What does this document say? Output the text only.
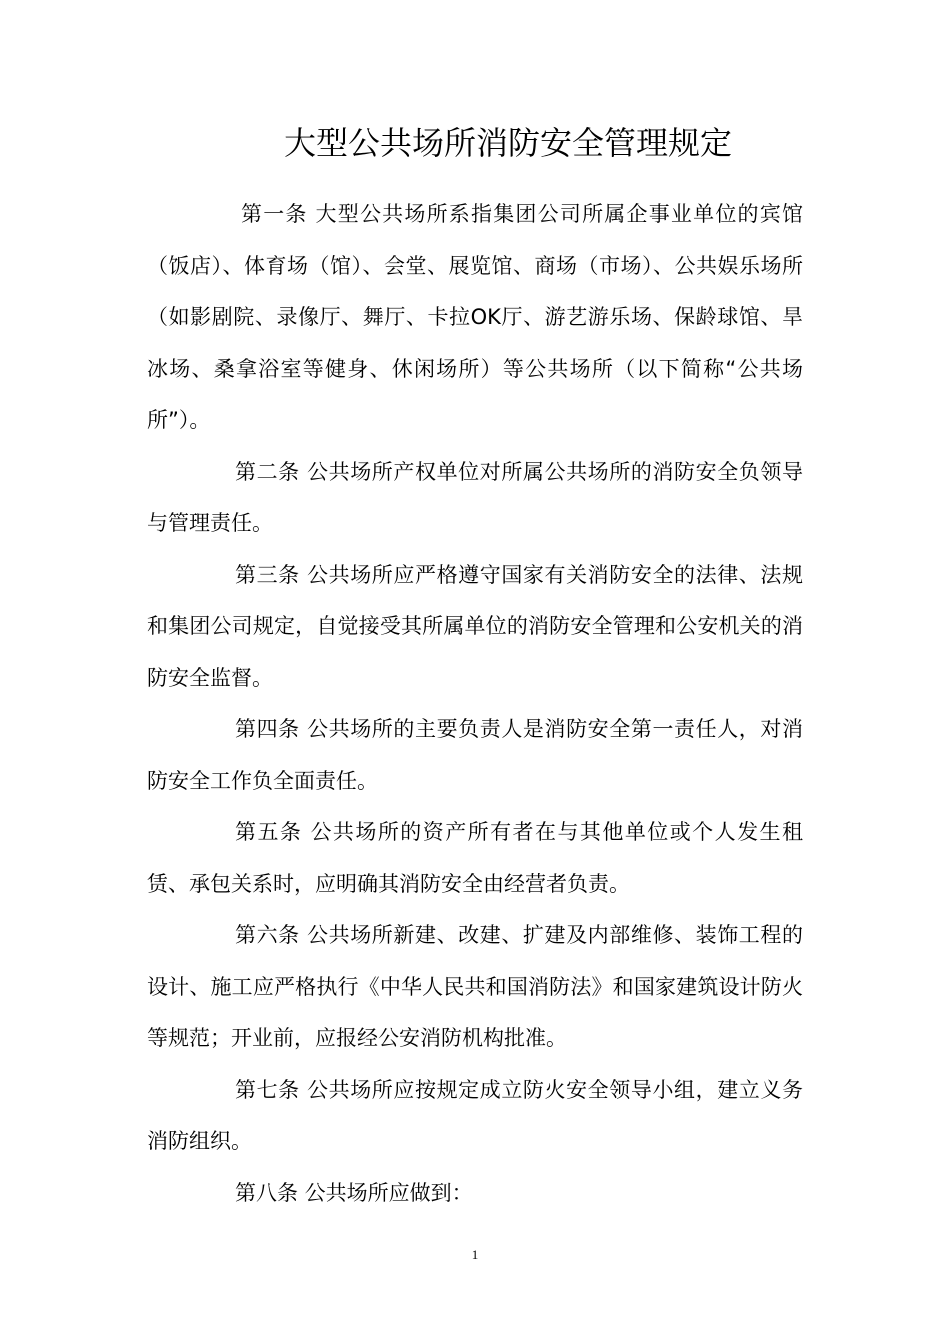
大型公共场所消防安全管理规定

第一条 大型公共场所系指集团公司所属企事业单位的宾馆（饭店）、体育场（馆）、会堂、展览馆、商场（市场）、公共娱乐场所（如影剧院、录像厅、舞厅、卡拉OK厅、游艺游乐场、保龄球馆、旱冰场、桑拿浴室等健身、休闲场所）等公共场所（以下简称“公共场所”）。

第二条 公共场所产权单位对所属公共场所的消防安全负领导与管理责任。

第三条 公共场所应严格遵守国家有关消防安全的法律、法规和集团公司规定，自觉接受其所属单位的消防安全管理和公安机关的消防安全监督。

第四条 公共场所的主要负责人是消防安全第一责任人，对消防安全工作负全面责任。

第五条 公共场所的资产所有者在与其他单位或个人发生租赁、承包关系时，应明确其消防安全由经营者负责。

第六条 公共场所新建、改建、扩建及内部维修、装饰工程的设计、施工应严格执行《中华人民共和国消防法》和国家建筑设计防火等规范；开业前，应报经公安消防机构批准。

第七条 公共场所应按规定成立防火安全领导小组，建立义务消防组织。

第八条 公共场所应做到：

1
